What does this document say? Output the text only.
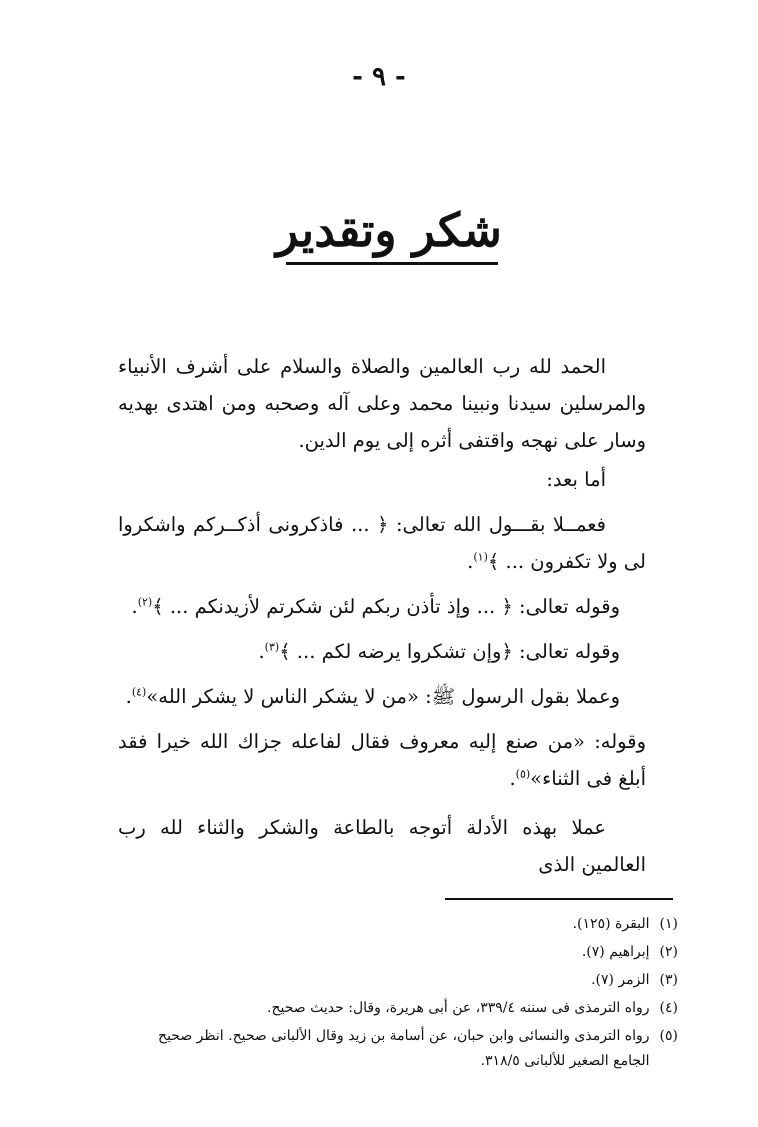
- ٩ -
شكر وتقدير

الحمد لله رب العالمين والصلاة والسلام على أشرف الأنبياء والمرسلين سيدنا ونبينا محمد وعلى آله وصحبه ومن اهتدى بهديه وسار على نهجه واقتفى أثره إلى يوم الدين.

أما بعد:

فعمــلا بقـــول الله تعالى: ﴿ ... فاذكرونى أذكــركم واشكروا لى ولا تكفرون ... ﴾$^{(١)}$.

وقوله تعالى: ﴿ ... وإذ تأذن ربكم لئن شكرتم لأزيدنكم ... ﴾$^{(٢)}$.

وقوله تعالى: ﴿وإن تشكروا يرضه لكم ... ﴾$^{(٣)}$.

وعملا بقول الرسول ﷺ: «من لا يشكر الناس لا يشكر الله»$^{(٤)}$.

وقوله: «من صنع إليه معروف فقال لفاعله جزاك الله خيرا فقد أبلغ فى الثناء»$^{(٥)}$.

عملا بهذه الأدلة أتوجه بالطاعة والشكر والثناء لله رب العالمين الذى

(١)
البقرة (١٢٥).
(٢)
إبراهيم (٧).
(٣)
الزمر (٧).
(٤)
رواه الترمذى فى سننه ٣٣٩/٤، عن أبى هريرة، وقال: حديث صحيح.
(٥)
رواه الترمذى والنسائى وابن حبان، عن أسامة بن زيد وقال الألبانى صحيح. انظر صحيح الجامع الصغير للألبانى ٣١٨/٥.
